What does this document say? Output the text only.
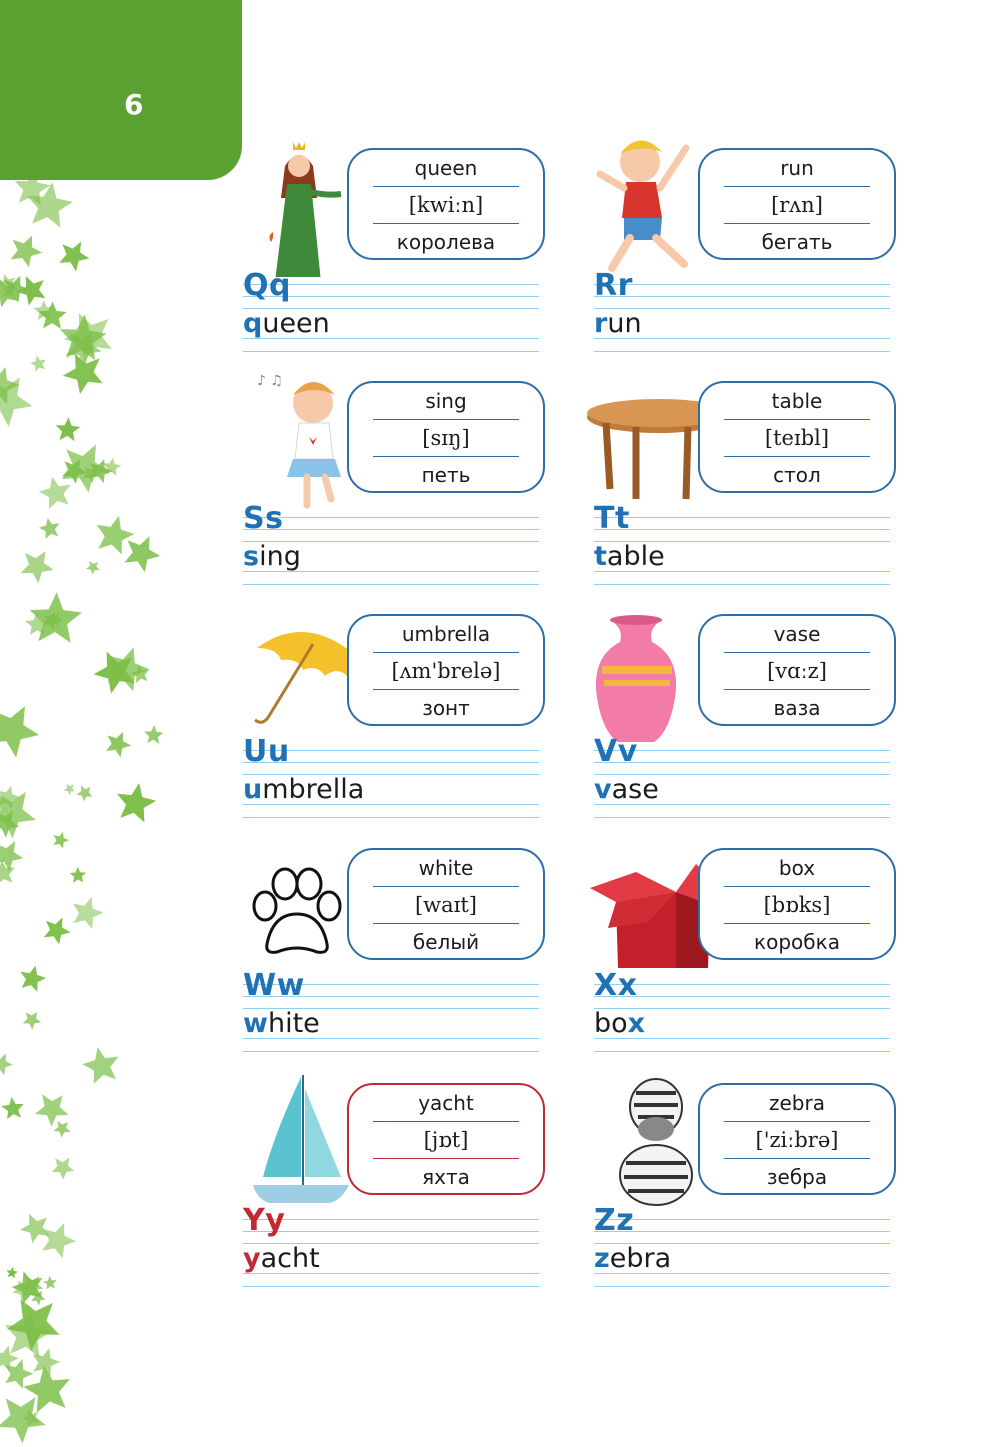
6
queen
[kwiːn]
королева
Qq
queen
run
[rʌn]
бегать
Rr
run
♪ ♫
sing
[sɪŋ]
петь
Ss
sing
table
[teɪbl]
стол
Tt
table
umbrella
[ʌm'brelə]
зонт
Uu
umbrella
vase
[vɑːz]
ваза
Vv
vase
white
[waɪt]
белый
Ww
white
box
[bɒks]
коробка
Xx
box
yacht
[jɒt]
яхта
Yy
yacht
zebra
['ziːbrə]
зебра
Zz
zebra
